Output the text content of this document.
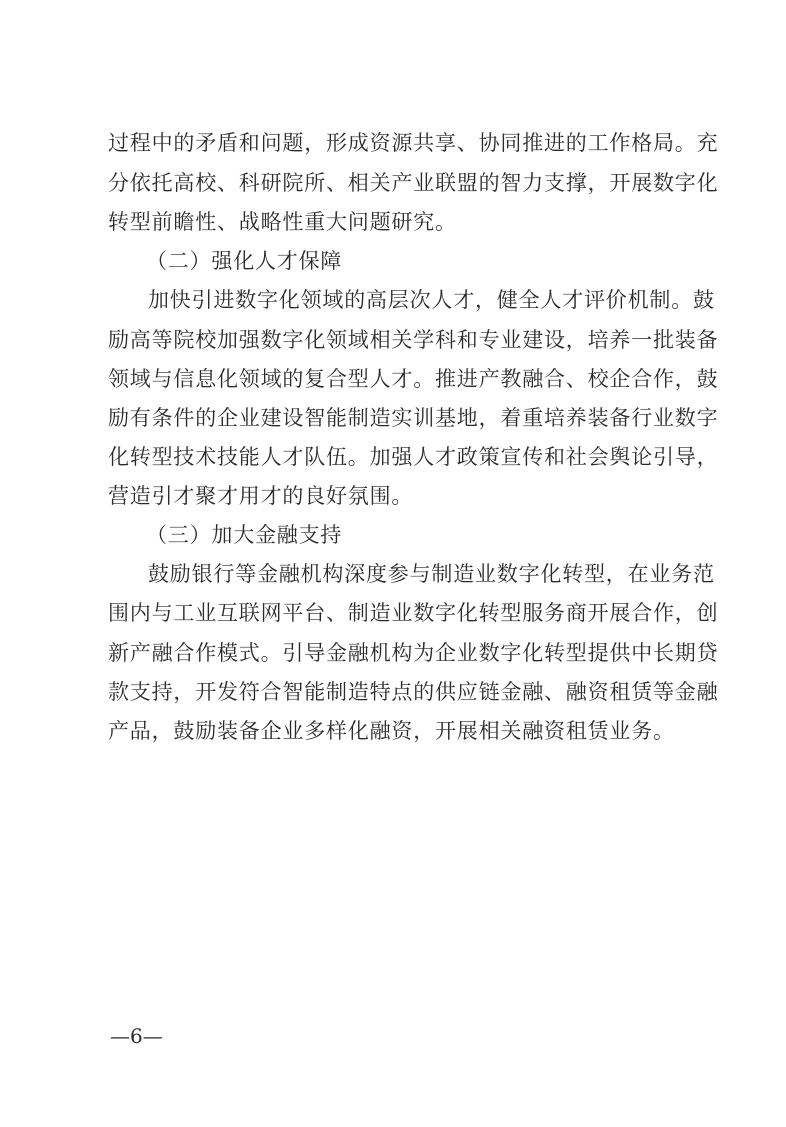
过程中的矛盾和问题，形成资源共享、协同推进的工作格局。充
分依托高校、科研院所、相关产业联盟的智力支撑，开展数字化
转型前瞻性、战略性重大问题研究。
（二）强化人才保障
加快引进数字化领域的高层次人才，健全人才评价机制。鼓
励高等院校加强数字化领域相关学科和专业建设，培养一批装备
领域与信息化领域的复合型人才。推进产教融合、校企合作，鼓
励有条件的企业建设智能制造实训基地，着重培养装备行业数字
化转型技术技能人才队伍。加强人才政策宣传和社会舆论引导，
营造引才聚才用才的良好氛围。
（三）加大金融支持
鼓励银行等金融机构深度参与制造业数字化转型，在业务范
围内与工业互联网平台、制造业数字化转型服务商开展合作，创
新产融合作模式。引导金融机构为企业数字化转型提供中长期贷
款支持，开发符合智能制造特点的供应链金融、融资租赁等金融
产品，鼓励装备企业多样化融资，开展相关融资租赁业务。
—6—
